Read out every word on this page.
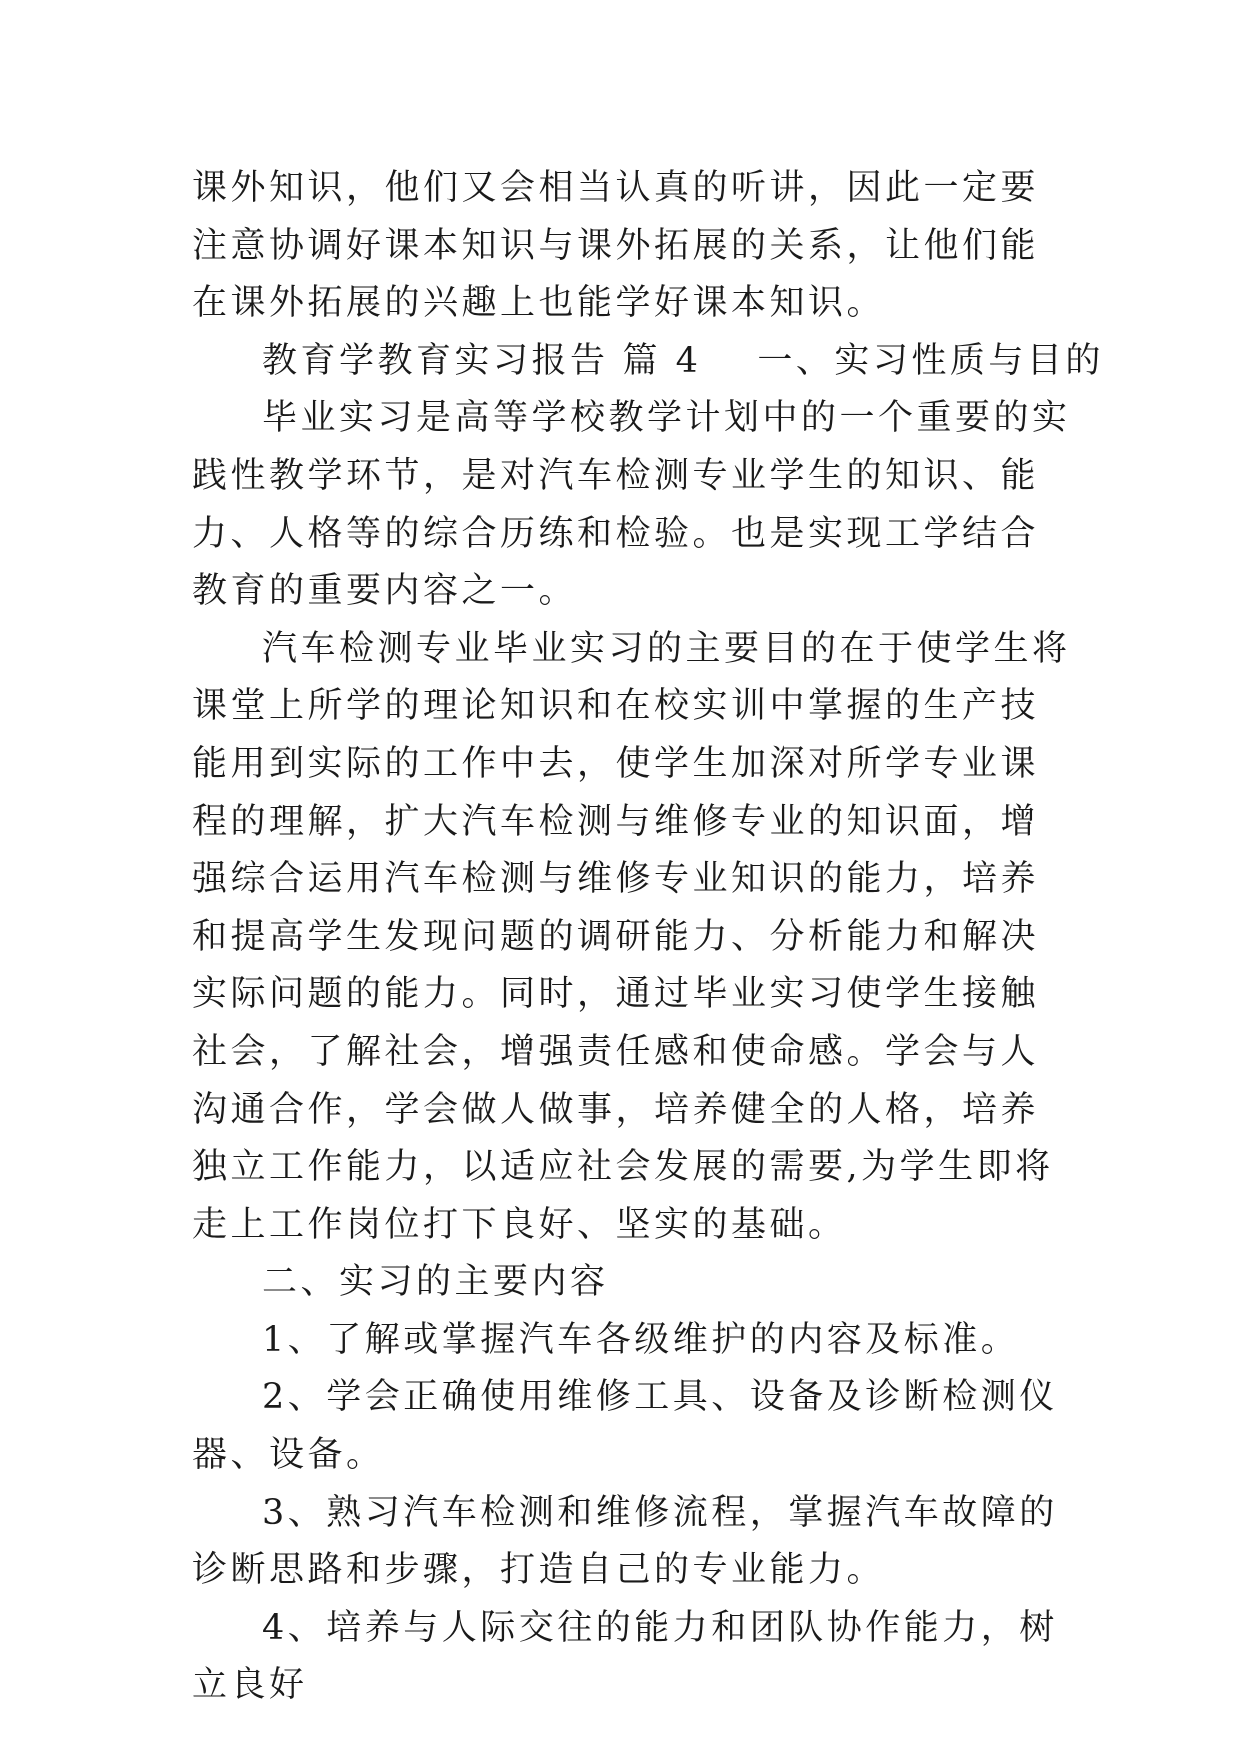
课外知识，他们又会相当认真的听讲，因此一定要注意协调好课本知识与课外拓展的关系，让他们能在课外拓展的兴趣上也能学好课本知识。

教育学教育实习报告 篇 4 一、实习性质与目的

毕业实习是高等学校教学计划中的一个重要的实践性教学环节，是对汽车检测专业学生的知识、能力、人格等的综合历练和检验。也是实现工学结合教育的重要内容之一。

汽车检测专业毕业实习的主要目的在于使学生将课堂上所学的理论知识和在校实训中掌握的生产技能用到实际的工作中去，使学生加深对所学专业课程的理解，扩大汽车检测与维修专业的知识面，增强综合运用汽车检测与维修专业知识的能力，培养和提高学生发现问题的调研能力、分析能力和解决实际问题的能力。同时，通过毕业实习使学生接触社会，了解社会，增强责任感和使命感。学会与人沟通合作，学会做人做事，培养健全的人格，培养独立工作能力，以适应社会发展的需要,为学生即将走上工作岗位打下良好、坚实的基础。

二、实习的主要内容

1、了解或掌握汽车各级维护的内容及标准。

2、学会正确使用维修工具、设备及诊断检测仪器、设备。

3、熟习汽车检测和维修流程，掌握汽车故障的诊断思路和步骤，打造自己的专业能力。

4、培养与人际交往的能力和团队协作能力，树立良好
